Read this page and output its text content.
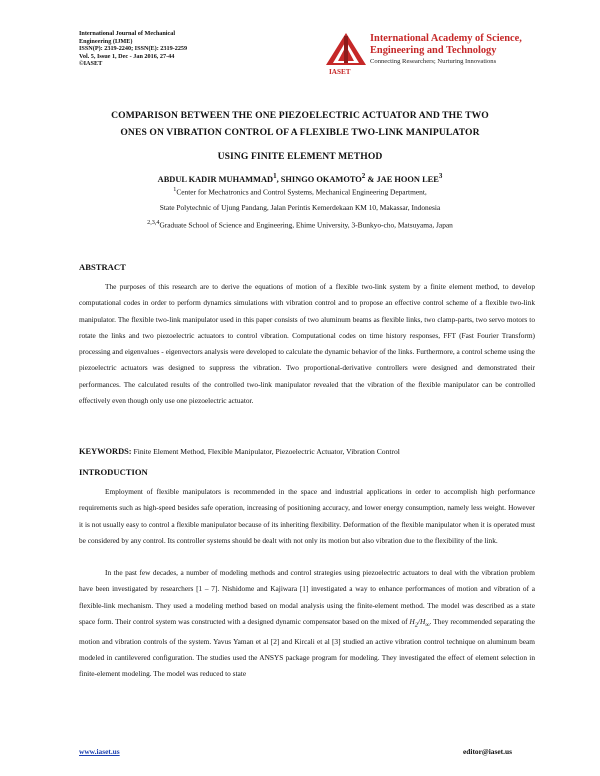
International Journal of Mechanical
Engineering (IJME)
ISSN(P): 2319-2240; ISSN(E): 2319-2259
Vol. 5, Issue 1, Dec - Jan 2016, 27-44
©IASET
IASET
International Academy of Science,
Engineering and Technology
Connecting Researchers; Nurturing Innovations
COMPARISON BETWEEN THE ONE PIEZOELECTRIC ACTUATOR AND THE TWO
ONES ON VIBRATION CONTROL OF A FLEXIBLE TWO-LINK MANIPULATOR
USING FINITE ELEMENT METHOD
ABDUL KADIR MUHAMMAD$^1$, SHINGO OKAMOTO$^2$ & JAE HOON LEE$^3$
$^1$Center for Mechatronics and Control Systems, Mechanical Engineering Department,
State Polytechnic of Ujung Pandang, Jalan Perintis Kemerdekaan KM 10, Makassar, Indonesia
$^{2,3,4}$Graduate School of Science and Engineering, Ehime University, 3-Bunkyo-cho, Matsuyama, Japan
ABSTRACT

The purposes of this research are to derive the equations of motion of a flexible two-link system by a finite element method, to develop computational codes in order to perform dynamics simulations with vibration control and to propose an effective control scheme of a flexible two-link manipulator. The flexible two-link manipulator used in this paper consists of two aluminum beams as flexible links, two clamp-parts, two servo motors to rotate the links and two piezoelectric actuators to control vibration. Computational codes on time history responses, FFT (Fast Fourier Transform) processing and eigenvalues - eigenvectors analysis were developed to calculate the dynamic behavior of the links. Furthermore, a control scheme using the piezoelectric actuators was designed to suppress the vibration. Two proportional-derivative controllers were designed and demonstrated their performances. The calculated results of the controlled two-link manipulator revealed that the vibration of the flexible manipulator can be controlled effectively even though only use one piezoelectric actuator.

KEYWORDS: Finite Element Method, Flexible Manipulator, Piezoelectric Actuator, Vibration Control
INTRODUCTION

Employment of flexible manipulators is recommended in the space and industrial applications in order to accomplish high performance requirements such as high-speed besides safe operation, increasing of positioning accuracy, and lower energy consumption, namely less weight. However it is not usually easy to control a flexible manipulator because of its inheriting flexibility. Deformation of the flexible manipulator when it is operated must be considered by any control. Its controller systems should be dealt with not only its motion but also vibration due to the flexibility of the link.

In the past few decades, a number of modeling methods and control strategies using piezoelectric actuators to deal with the vibration problem have been investigated by researchers [1 – 7]. Nishidome and Kajiwara [1] investigated a way to enhance performances of motion and vibration of a flexible-link mechanism. They used a modeling method based on modal analysis using the finite-element method. The model was described as a state space form. Their control system was constructed with a designed dynamic compensator based on the mixed of $H_2/H_\infty$. They recommended separating the motion and vibration controls of the system. Yavus Yaman et al [2] and Kircali et al [3] studied an active vibration control technique on aluminum beam modeled in cantilevered configuration. The studies used the ANSYS package program for modeling. They investigated the effect of element selection in finite-element modeling. The model was reduced to state

www.iaset.us	editor@iaset.us
